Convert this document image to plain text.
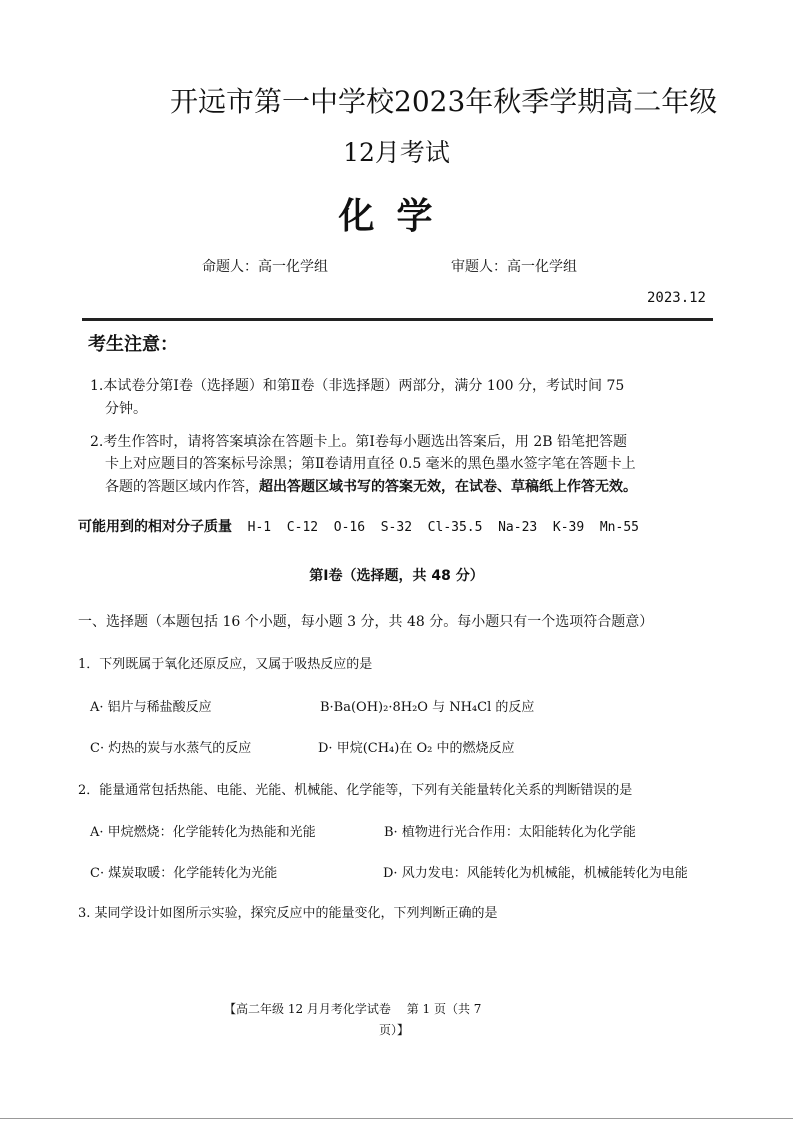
开远市第一中学校2023年秋季学期高二年级
12月考试
化学
命题人：高一化学组	审题人：高一化学组
2023.12
考生注意：
1.本试卷分第Ⅰ卷（选择题）和第Ⅱ卷（非选择题）两部分，满分 100 分，考试时间 75
分钟。
2.考生作答时，请将答案填涂在答题卡上。第Ⅰ卷每小题选出答案后，用 2B 铅笔把答题
卡上对应题目的答案标号涂黑；第Ⅱ卷请用直径 0.5 毫米的黑色墨水签字笔在答题卡上
各题的答题区域内作答，超出答题区域书写的答案无效，在试卷、草稿纸上作答无效。
可能用到的相对分子质量 H-1  C-12  O-16  S-32  Cl-35.5  Na-23  K-39  Mn-55
第Ⅰ卷（选择题，共 48 分）
一、选择题（本题包括 16 个小题，每小题 3 分，共 48 分。每小题只有一个选项符合题意）
1．下列既属于氧化还原反应，又属于吸热反应的是
A· 铝片与稀盐酸反应	B·Ba(OH)₂·8H₂O 与 NH₄Cl 的反应
C· 灼热的炭与水蒸气的反应	D· 甲烷(CH₄)在 O₂ 中的燃烧反应
2．能量通常包括热能、电能、光能、机械能、化学能等，下列有关能量转化关系的判断错误的是
A· 甲烷燃烧：化学能转化为热能和光能	B· 植物进行光合作用：太阳能转化为化学能
C· 煤炭取暖：化学能转化为光能	D· 风力发电：风能转化为机械能，机械能转化为电能
3. 某同学设计如图所示实验，探究反应中的能量变化，下列判断正确的是
【高二年级 12 月月考化学试卷　 第 1 页（共 7
页）】
